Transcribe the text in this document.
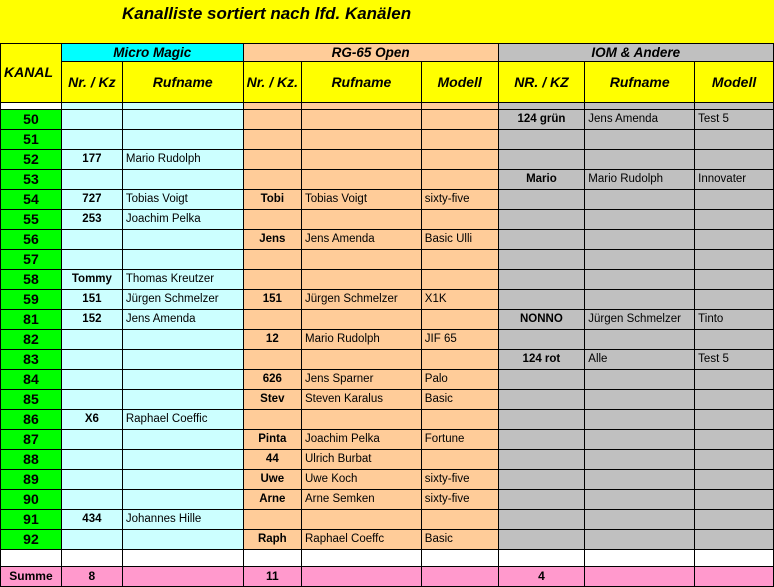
Kanalliste sortiert nach lfd. Kanälen
KANAL	Micro Magic		RG-65 Open			IOM & Andere		
	Nr. / Kz	Rufname	Nr. / Kz.	Rufname	Modell	NR. / KZ	Rufname	Modell

50						124 grün	Jens Amenda	Test 5
51								
52	177	Mario Rudolph						
53						Mario	Mario Rudolph	Innovater
54	727	Tobias Voigt	Tobi	Tobias Voigt	sixty-five			
55	253	Joachim Pelka						
56			Jens	Jens Amenda	Basic Ulli			
57								
58	Tommy	Thomas Kreutzer						
59	151	Jürgen Schmelzer	151	Jürgen Schmelzer	X1K			
81	152	Jens Amenda				NONNO	Jürgen Schmelzer	Tinto
82			12	Mario Rudolph	JIF 65			
83						124 rot	Alle	Test 5
84			626	Jens Sparner	Palo			
85			Stev	Steven Karalus	Basic			
86	X6	Raphael Coeffic						
87			Pinta	Joachim Pelka	Fortune			
88			44	Ulrich Burbat				
89			Uwe	Uwe Koch	sixty-five			
90			Arne	Arne Semken	sixty-five			
91	434	Johannes Hille						
92			Raph	Raphael Coeffc	Basic			

Summe	8		11			4		
